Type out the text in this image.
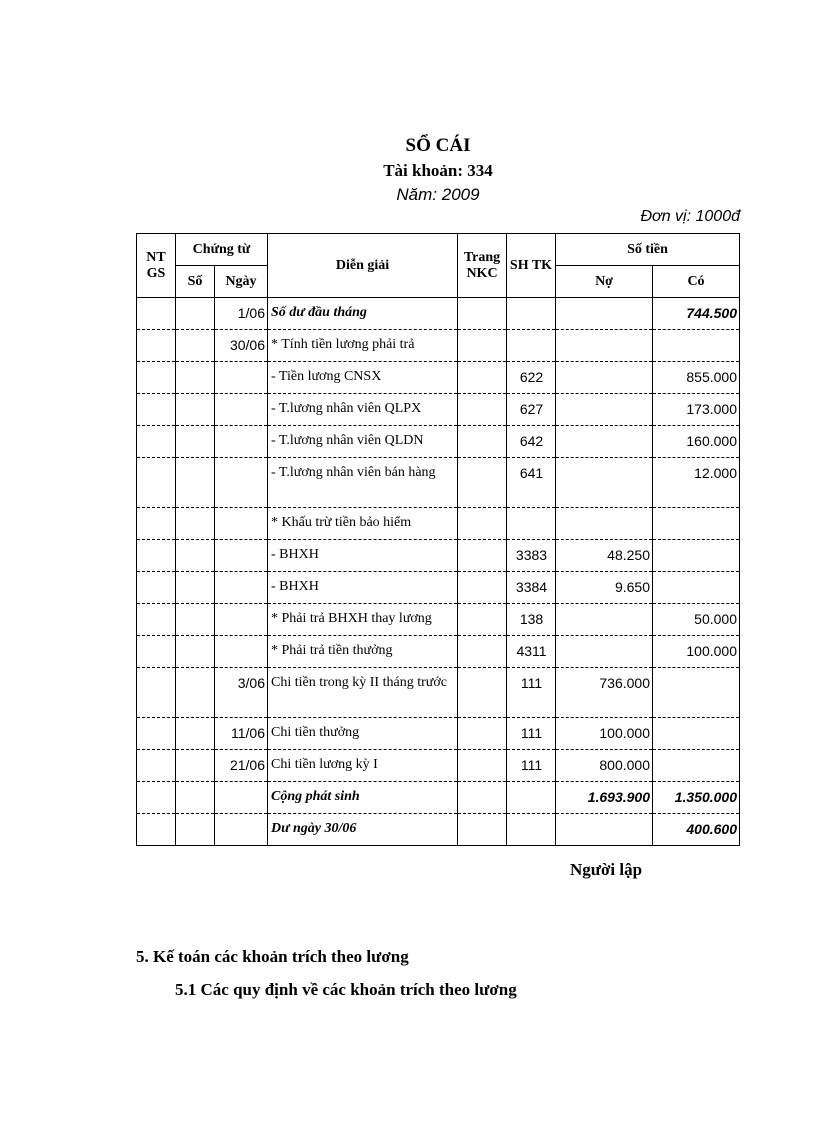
SỔ CÁI
Tài khoản: 334
Năm: 2009
Đơn vị: 1000đ
NT GS	Chứng từ		Diễn giải	Trang NKC	SH TK	Số tiền	
	Số	Ngày				Nợ	Có
		1/06	Số dư đầu tháng				744.500
		30/06	* Tính tiền lương phải trả				
			- Tiền lương CNSX		622		855.000
			- T.lương nhân viên QLPX		627		173.000
			- T.lương nhân viên QLDN		642		160.000
			- T.lương nhân viên bán hàng		641		12.000
			* Khấu trừ tiền bảo hiểm				
			- BHXH		3383	48.250	
			- BHXH		3384	9.650	
			* Phải trả BHXH thay lương		138		50.000
			* Phải trả tiền thưởng		4311		100.000
		3/06	Chi tiền trong kỳ II tháng trước		111	736.000	
		11/06	Chi tiền thưởng		111	100.000	
		21/06	Chi tiền lương kỳ I		111	800.000	
			Cộng phát sinh			1.693.900	1.350.000
			Dư ngày 30/06				400.600
Người lập
5. Kế toán các khoản trích theo lương
5.1 Các quy định về các khoản trích theo lương
